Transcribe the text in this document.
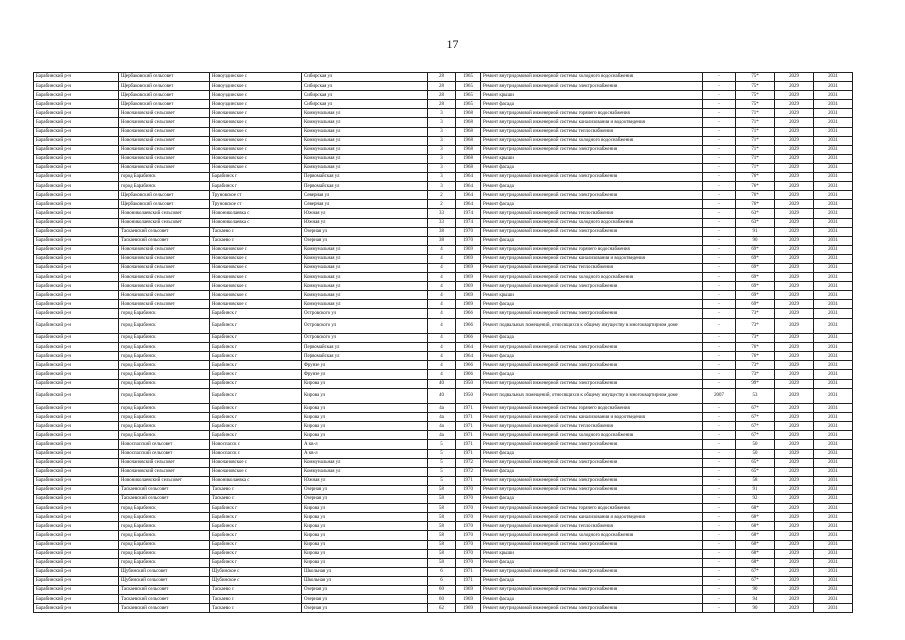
17
Барабинский р-н	Щербаковский сельсовет	Новоуздинское с	Сибирская ул	28	1965	Ремонт внутридомовой инженерной системы холодного водоснабжения	-	75*	2029	2031
Барабинский р-н	Щербаковский сельсовет	Новоуздинское с	Сибирская ул	28	1965	Ремонт внутридомовой инженерной системы электроснабжения	-	75*	2029	2031
Барабинский р-н	Щербаковский сельсовет	Новоуздинское с	Сибирская ул	28	1965	Ремонт крыши	-	75*	2029	2031
Барабинский р-н	Щербаковский сельсовет	Новоуздинское с	Сибирская ул	28	1965	Ремонт фасада	-	75*	2029	2031
Барабинский р-н	Новочановский сельсовет	Новочановское с	Коммунальная ул	3	1968	Ремонт внутридомовой инженерной системы горячего водоснабжения	-	71*	2029	2031
Барабинский р-н	Новочановский сельсовет	Новочановское с	Коммунальная ул	3	1968	Ремонт внутридомовой инженерной системы канализования и водоотведения	-	71*	2029	2031
Барабинский р-н	Новочановский сельсовет	Новочановское с	Коммунальная ул	3	1968	Ремонт внутридомовой инженерной системы теплоснабжения	-	71*	2029	2031
Барабинский р-н	Новочановский сельсовет	Новочановское с	Коммунальная ул	3	1968	Ремонт внутридомовой инженерной системы холодного водоснабжения	-	71*	2029	2031
Барабинский р-н	Новочановский сельсовет	Новочановское с	Коммунальная ул	3	1968	Ремонт внутридомовой инженерной системы электроснабжения	-	71*	2029	2031
Барабинский р-н	Новочановский сельсовет	Новочановское с	Коммунальная ул	3	1968	Ремонт крыши	-	71*	2029	2031
Барабинский р-н	Новочановский сельсовет	Новочановское с	Коммунальная ул	3	1968	Ремонт фасада	-	71*	2029	2031
Барабинский р-н	город Барабинск	Барабинск г	Первомайская ул	3	1964	Ремонт внутридомовой инженерной системы электроснабжения	-	76*	2029	2031
Барабинский р-н	город Барабинск	Барабинск г	Первомайская ул	3	1964	Ремонт фасада	-	76*	2029	2031
Барабинский р-н	Щербаковский сельсовет	Труновское ст	Северная ул	2	1964	Ремонт внутридомовой инженерной системы электроснабжения	-	76*	2029	2031
Барабинский р-н	Щербаковский сельсовет	Труновское ст	Северная ул	2	1964	Ремонт фасада	-	76*	2029	2031
Барабинский р-н	Новониколаевский сельсовет	Новониколаевка с	Южная ул	33	1974	Ремонт внутридомовой инженерной системы теплоснабжения	-	63*	2029	2031
Барабинский р-н	Новониколаевский сельсовет	Новониколаевка с	Южная ул	33	1974	Ремонт внутридомовой инженерной системы холодного водоснабжения	-	63*	2029	2031
Барабинский р-н	Таскаевский сельсовет	Таскаево с	Озерная ул	38	1970	Ремонт внутридомовой инженерной системы электроснабжения	-	91	2029	2031
Барабинский р-н	Таскаевский сельсовет	Таскаево с	Озерная ул	38	1970	Ремонт фасада	-	90	2029	2031
Барабинский р-н	Новочановский сельсовет	Новочановское с	Коммунальная ул	4	1969	Ремонт внутридомовой инженерной системы горячего водоснабжения	-	69*	2029	2031
Барабинский р-н	Новочановский сельсовет	Новочановское с	Коммунальная ул	4	1969	Ремонт внутридомовой инженерной системы канализования и водоотведения	-	69*	2029	2031
Барабинский р-н	Новочановский сельсовет	Новочановское с	Коммунальная ул	4	1969	Ремонт внутридомовой инженерной системы теплоснабжения	-	69*	2029	2031
Барабинский р-н	Новочановский сельсовет	Новочановское с	Коммунальная ул	4	1969	Ремонт внутридомовой инженерной системы холодного водоснабжения	-	69*	2029	2031
Барабинский р-н	Новочановский сельсовет	Новочановское с	Коммунальная ул	4	1969	Ремонт внутридомовой инженерной системы электроснабжения	-	69*	2029	2031
Барабинский р-н	Новочановский сельсовет	Новочановское с	Коммунальная ул	4	1969	Ремонт крыши	-	69*	2029	2031
Барабинский р-н	Новочановский сельсовет	Новочановское с	Коммунальная ул	4	1969	Ремонт фасада	-	69*	2029	2031
Барабинский р-н	город Барабинск	Барабинск г	Островского ул	4	1966	Ремонт внутридомовой инженерной системы электроснабжения	-	73*	2029	2031
Барабинский р-н	город Барабинск	Барабинск г	Островского ул	4	1966	Ремонт подвальных помещений, относящихся к общему имуществу в многоквартирном доме	-	73*	2029	2031
Барабинский р-н	город Барабинск	Барабинск г	Островского ул	4	1966	Ремонт фасада	-	73*	2029	2031
Барабинский р-н	город Барабинск	Барабинск г	Первомайская ул	4	1964	Ремонт внутридомовой инженерной системы электроснабжения	-	76*	2029	2031
Барабинский р-н	город Барабинск	Барабинск г	Первомайская ул	4	1964	Ремонт фасада	-	76*	2029	2031
Барабинский р-н	город Барабинск	Барабинск г	Фрунзе ул	4	1966	Ремонт внутридомовой инженерной системы электроснабжения	-	73*	2029	2031
Барабинский р-н	город Барабинск	Барабинск г	Фрунзе ул	4	1966	Ремонт фасада	-	73*	2029	2031
Барабинский р-н	город Барабинск	Барабинск г	Кирова ул	40	1950	Ремонт внутридомовой инженерной системы электроснабжения	-	99*	2029	2031
Барабинский р-н	город Барабинск	Барабинск г	Кирова ул	40	1950	Ремонт подвальных помещений, относящихся к общему имуществу в многоквартирном доме	2007	53	2029	2031
Барабинский р-н	город Барабинск	Барабинск г	Кирова ул	4а	1971	Ремонт внутридомовой инженерной системы горячего водоснабжения	-	67*	2029	2031
Барабинский р-н	город Барабинск	Барабинск г	Кирова ул	4а	1971	Ремонт внутридомовой инженерной системы канализования и водоотведения	-	67*	2029	2031
Барабинский р-н	город Барабинск	Барабинск г	Кирова ул	4а	1971	Ремонт внутридомовой инженерной системы теплоснабжения	-	67*	2029	2031
Барабинский р-н	город Барабинск	Барабинск г	Кирова ул	4а	1971	Ремонт внутридомовой инженерной системы холодного водоснабжения	-	67*	2029	2031
Барабинский р-н	Новоспасский сельсовет	Новоспасск с	А кв-л	5	1971	Ремонт внутридомовой инженерной системы электроснабжения	-	50	2029	2031
Барабинский р-н	Новоспасский сельсовет	Новоспасск с	А кв-л	5	1971	Ремонт фасада	-	50	2029	2031
Барабинский р-н	Новочановский сельсовет	Новочановское с	Коммунальная ул	5	1972	Ремонт внутридомовой инженерной системы электроснабжения	-	65*	2029	2031
Барабинский р-н	Новочановский сельсовет	Новочановское с	Коммунальная ул	5	1972	Ремонт фасада	-	65*	2029	2031
Барабинский р-н	Новониколаевский сельсовет	Новониколаевка с	Южная ул	5	1971	Ремонт внутридомовой инженерной системы электроснабжения	-	58	2029	2031
Барабинский р-н	Таскаевский сельсовет	Таскаево с	Озерная ул	58	1970	Ремонт внутридомовой инженерной системы электроснабжения	-	91	2029	2031
Барабинский р-н	Таскаевский сельсовет	Таскаево с	Озерная ул	58	1970	Ремонт фасада	-	92	2029	2031
Барабинский р-н	город Барабинск	Барабинск г	Кирова ул	58	1970	Ремонт внутридомовой инженерной системы горячего водоснабжения	-	68*	2029	2031
Барабинский р-н	город Барабинск	Барабинск г	Кирова ул	58	1970	Ремонт внутридомовой инженерной системы канализования и водоотведения	-	68*	2029	2031
Барабинский р-н	город Барабинск	Барабинск г	Кирова ул	58	1970	Ремонт внутридомовой инженерной системы теплоснабжения	-	68*	2029	2031
Барабинский р-н	город Барабинск	Барабинск г	Кирова ул	58	1970	Ремонт внутридомовой инженерной системы холодного водоснабжения	-	68*	2029	2031
Барабинский р-н	город Барабинск	Барабинск г	Кирова ул	58	1970	Ремонт внутридомовой инженерной системы электроснабжения	-	68*	2029	2031
Барабинский р-н	город Барабинск	Барабинск г	Кирова ул	58	1970	Ремонт крыши	-	68*	2029	2031
Барабинский р-н	город Барабинск	Барабинск г	Кирова ул	58	1970	Ремонт фасада	-	68*	2029	2031
Барабинский р-н	Щубинский сельсовет	Щубинское с	Школьная ул	6	1971	Ремонт внутридомовой инженерной системы электроснабжения	-	67*	2029	2031
Барабинский р-н	Щубинский сельсовет	Щубинское с	Школьная ул	6	1971	Ремонт фасада	-	67*	2029	2031
Барабинский р-н	Таскаевский сельсовет	Таскаево с	Озерная ул	60	1969	Ремонт внутридомовой инженерной системы электроснабжения	-	90	2029	2031
Барабинский р-н	Таскаевский сельсовет	Таскаево с	Озерная ул	60	1969	Ремонт фасада	-	94	2029	2031
Барабинский р-н	Таскаевский сельсовет	Таскаево с	Озерная ул	62	1969	Ремонт внутридомовой инженерной системы электроснабжения	-	90	2029	2031
